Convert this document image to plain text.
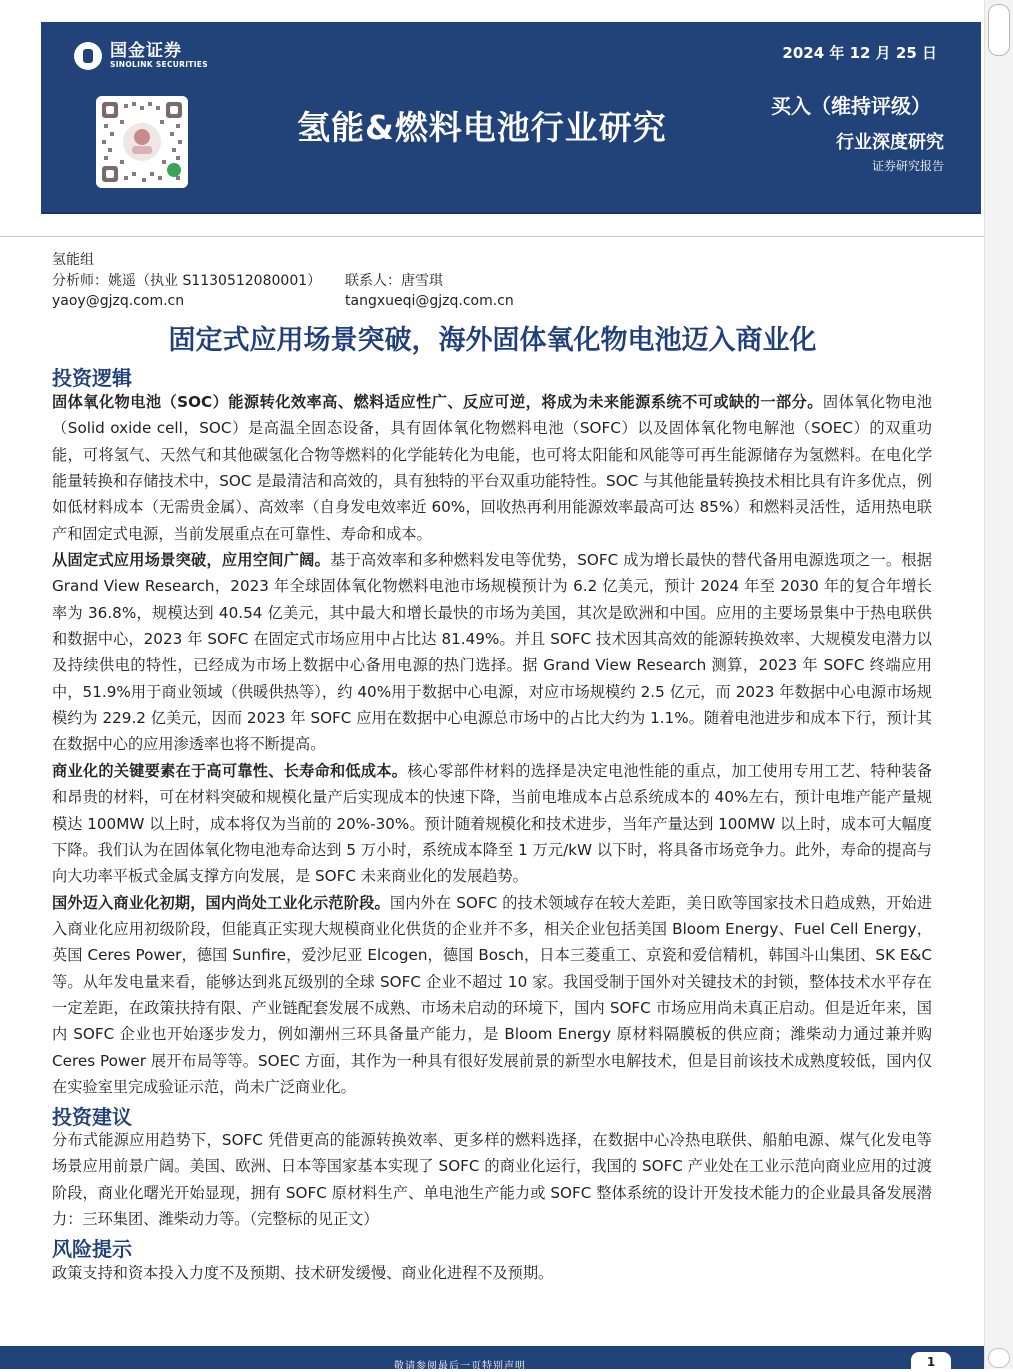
国金证券
SINOLINK SECURITIES
2024 年 12 月 25 日
氢能&燃料电池行业研究
买入（维持评级）
行业深度研究
证券研究报告
氢能组
分析师：姚遥（执业 S1130512080001）	联系人：唐雪琪
yaoy@gjzq.com.cn	tangxueqi@gjzq.com.cn
固定式应用场景突破，海外固体氧化物电池迈入商业化
投资逻辑

固体氧化物电池（SOC）能源转化效率高、燃料适应性广、反应可逆，将成为未来能源系统不可或缺的一部分。固体氧化物电池（Solid oxide cell，SOC）是高温全固态设备，具有固体氧化物燃料电池（SOFC）以及固体氧化物电解池（SOEC）的双重功能，可将氢气、天然气和其他碳氢化合物等燃料的化学能转化为电能，也可将太阳能和风能等可再生能源储存为氢燃料。在电化学能量转换和存储技术中，SOC 是最清洁和高效的，具有独特的平台双重功能特性。SOC 与其他能量转换技术相比具有许多优点，例如低材料成本（无需贵金属）、高效率（自身发电效率近 60%，回收热再利用能源效率最高可达 85%）和燃料灵活性，适用热电联产和固定式电源，当前发展重点在可靠性、寿命和成本。

从固定式应用场景突破，应用空间广阔。基于高效率和多种燃料发电等优势，SOFC 成为增长最快的替代备用电源选项之一。根据 Grand View Research，2023 年全球固体氧化物燃料电池市场规模预计为 6.2 亿美元，预计 2024 年至 2030 年的复合年增长率为 36.8%，规模达到 40.54 亿美元，其中最大和增长最快的市场为美国，其次是欧洲和中国。应用的主要场景集中于热电联供和数据中心，2023 年 SOFC 在固定式市场应用中占比达 81.49%。并且 SOFC 技术因其高效的能源转换效率、大规模发电潜力以及持续供电的特性，已经成为市场上数据中心备用电源的热门选择。据 Grand View Research 测算，2023 年 SOFC 终端应用中，51.9%用于商业领域（供暖供热等），约 40%用于数据中心电源，对应市场规模约 2.5 亿元，而 2023 年数据中心电源市场规模约为 229.2 亿美元，因而 2023 年 SOFC 应用在数据中心电源总市场中的占比大约为 1.1%。随着电池进步和成本下行，预计其在数据中心的应用渗透率也将不断提高。

商业化的关键要素在于高可靠性、长寿命和低成本。核心零部件材料的选择是决定电池性能的重点，加工使用专用工艺、特种装备和昂贵的材料，可在材料突破和规模化量产后实现成本的快速下降，当前电堆成本占总系统成本的 40%左右，预计电堆产能产量规模达 100MW 以上时，成本将仅为当前的 20%-30%。预计随着规模化和技术进步，当年产量达到 100MW 以上时，成本可大幅度下降。我们认为在固体氧化物电池寿命达到 5 万小时，系统成本降至 1 万元/kW 以下时，将具备市场竞争力。此外，寿命的提高与向大功率平板式金属支撑方向发展，是 SOFC 未来商业化的发展趋势。

国外迈入商业化初期，国内尚处工业化示范阶段。国内外在 SOFC 的技术领域存在较大差距，美日欧等国家技术日趋成熟，开始进入商业化应用初级阶段，但能真正实现大规模商业化供货的企业并不多，相关企业包括美国 Bloom Energy、Fuel Cell Energy，英国 Ceres Power，德国 Sunfire，爱沙尼亚 Elcogen，德国 Bosch，日本三菱重工、京瓷和爱信精机，韩国斗山集团、SK E&C 等。从年发电量来看，能够达到兆瓦级别的全球 SOFC 企业不超过 10 家。我国受制于国外对关键技术的封锁，整体技术水平存在一定差距，在政策扶持有限、产业链配套发展不成熟、市场未启动的环境下，国内 SOFC 市场应用尚未真正启动。但是近年来，国内 SOFC 企业也开始逐步发力，例如潮州三环具备量产能力，是 Bloom Energy 原材料隔膜板的供应商；潍柴动力通过兼并购 Ceres Power 展开布局等等。SOEC 方面，其作为一种具有很好发展前景的新型水电解技术，但是目前该技术成熟度较低，国内仅在实验室里完成验证示范，尚未广泛商业化。

投资建议

分布式能源应用趋势下，SOFC 凭借更高的能源转换效率、更多样的燃料选择，在数据中心冷热电联供、船舶电源、煤气化发电等场景应用前景广阔。美国、欧洲、日本等国家基本实现了 SOFC 的商业化运行，我国的 SOFC 产业处在工业示范向商业应用的过渡阶段，商业化曙光开始显现，拥有 SOFC 原材料生产、单电池生产能力或 SOFC 整体系统的设计开发技术能力的企业最具备发展潜力：三环集团、潍柴动力等。（完整标的见正文）

风险提示

政策支持和资本投入力度不及预期、技术研发缓慢、商业化进程不及预期。

敬请参阅最后一页特别声明	1
